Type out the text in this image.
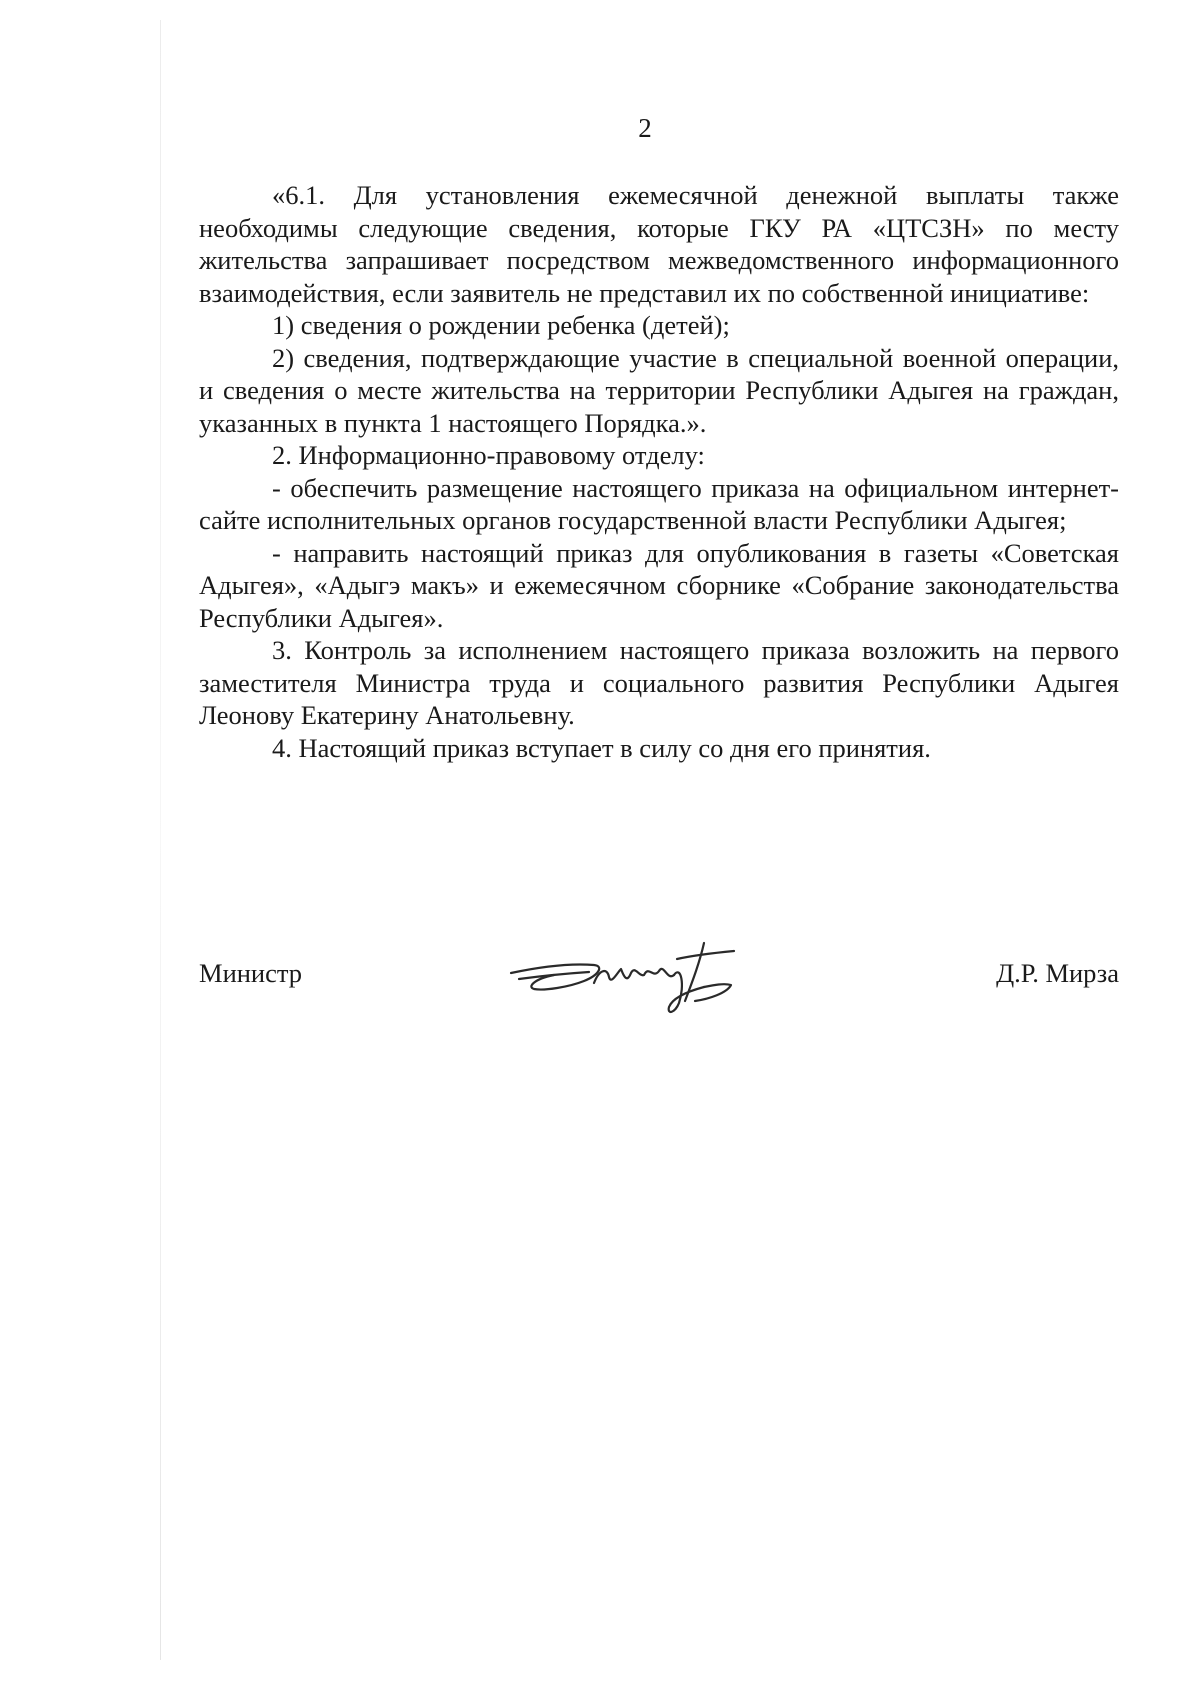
2

«6.1. Для установления ежемесячной денежной выплаты также необходимы следующие сведения, которые ГКУ РА «ЦТСЗН» по месту жительства запрашивает посредством межведомственного информационного взаимодействия, если заявитель не представил их по собственной инициативе:

1) сведения о рождении ребенка (детей);

2) сведения, подтверждающие участие в специальной военной операции, и сведения о месте жительства на территории Республики Адыгея на граждан, указанных в пункта 1 настоящего Порядка.».

2. Информационно-правовому отделу:

- обеспечить размещение настоящего приказа на официальном интернет-сайте исполнительных органов государственной власти Республики Адыгея;

- направить настоящий приказ для опубликования в газеты «Советская Адыгея», «Адыгэ макъ» и ежемесячном сборнике «Собрание законодательства Республики Адыгея».

3. Контроль за исполнением настоящего приказа возложить на первого заместителя Министра труда и социального развития Республики Адыгея Леонову Екатерину Анатольевну.

4. Настоящий приказ вступает в силу со дня его принятия.

Министр	Д.Р. Мирза
